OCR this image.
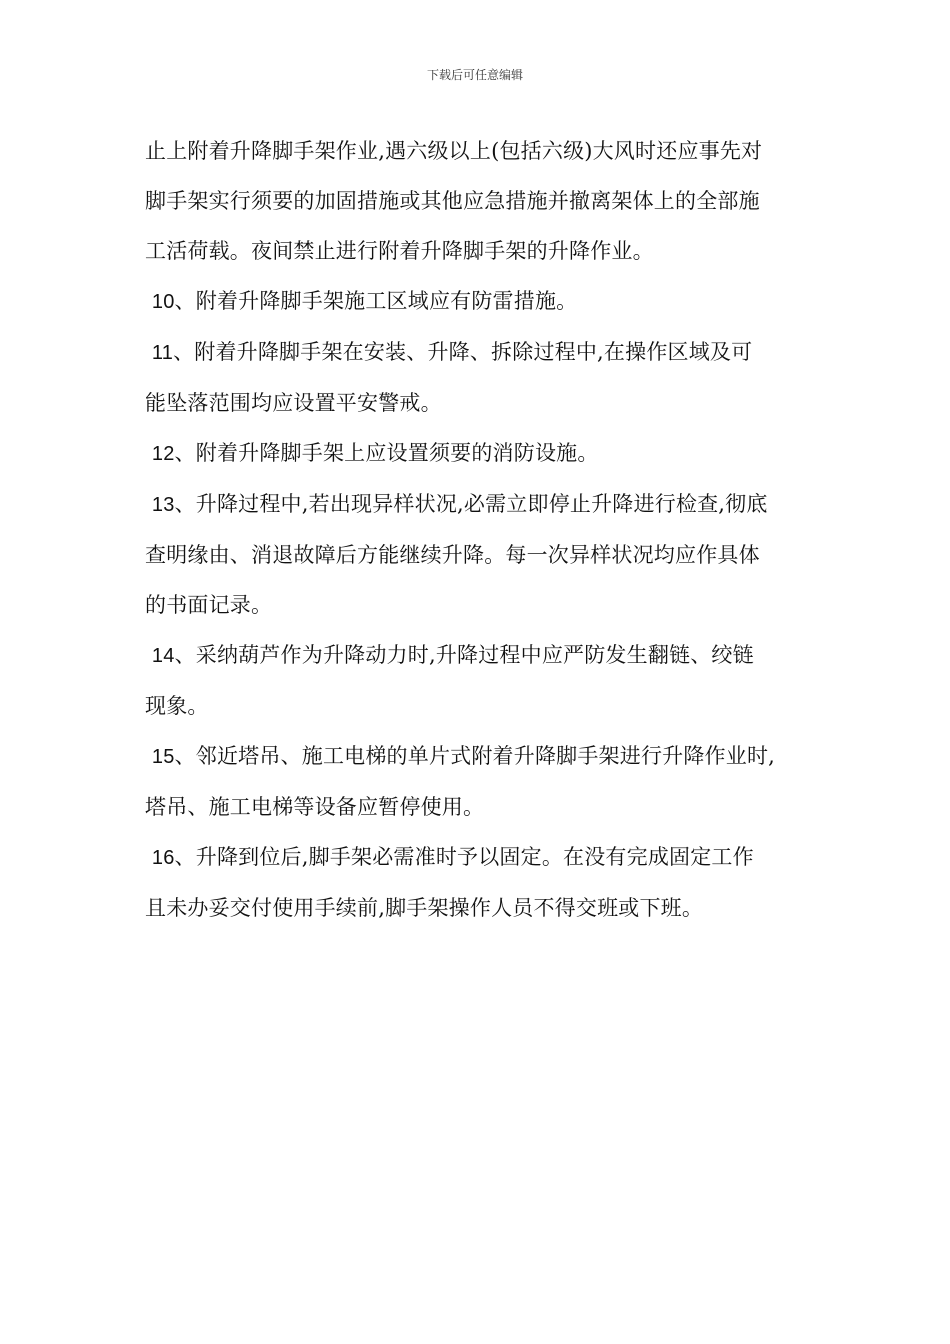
下载后可任意编辑

止上附着升降脚手架作业,遇六级以上(包括六级)大风时还应事先对

脚手架实行须要的加固措施或其他应急措施并撤离架体上的全部施

工活荷载。夜间禁止进行附着升降脚手架的升降作业。

10、附着升降脚手架施工区域应有防雷措施。

11、附着升降脚手架在安装、升降、拆除过程中,在操作区域及可

能坠落范围均应设置平安警戒。

12、附着升降脚手架上应设置须要的消防设施。

13、升降过程中,若出现异样状况,必需立即停止升降进行检查,彻底

查明缘由、消退故障后方能继续升降。每一次异样状况均应作具体

的书面记录。

14、采纳葫芦作为升降动力时,升降过程中应严防发生翻链、绞链

现象。

15、邻近塔吊、施工电梯的单片式附着升降脚手架进行升降作业时,

塔吊、施工电梯等设备应暂停使用。

16、升降到位后,脚手架必需准时予以固定。在没有完成固定工作

且未办妥交付使用手续前,脚手架操作人员不得交班或下班。
